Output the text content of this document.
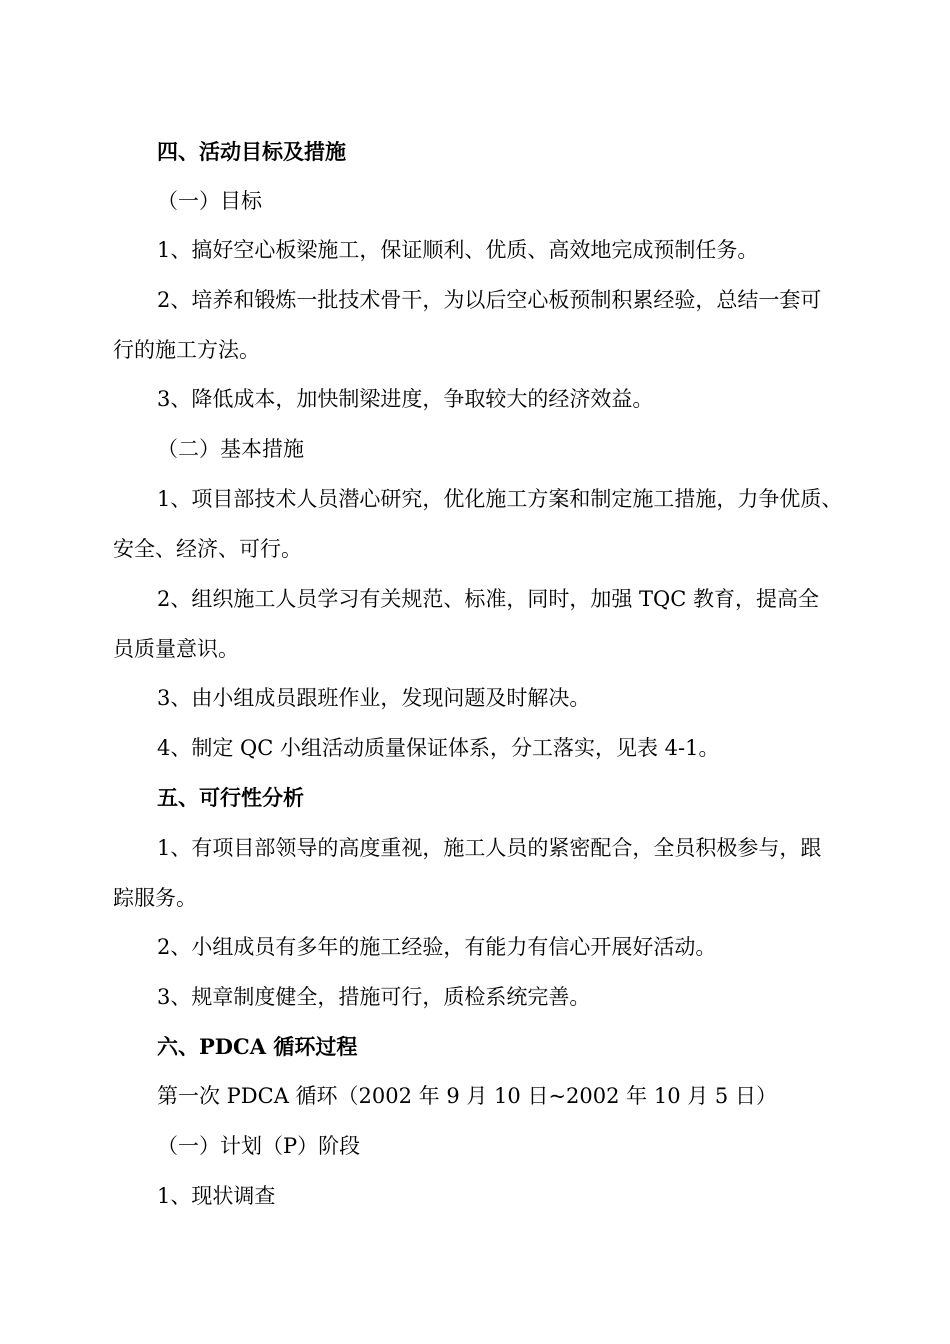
四、活动目标及措施
（一）目标
1、搞好空心板梁施工，保证顺利、优质、高效地完成预制任务。
2、培养和锻炼一批技术骨干，为以后空心板预制积累经验，总结一套可
行的施工方法。
3、降低成本，加快制梁进度，争取较大的经济效益。
（二）基本措施
1、项目部技术人员潜心研究，优化施工方案和制定施工措施，力争优质、
安全、经济、可行。
2、组织施工人员学习有关规范、标准，同时，加强 TQC 教育，提高全
员质量意识。
3、由小组成员跟班作业，发现问题及时解决。
4、制定 QC 小组活动质量保证体系，分工落实，见表 4-1。
五、可行性分析
1、有项目部领导的高度重视，施工人员的紧密配合，全员积极参与，跟
踪服务。
2、小组成员有多年的施工经验，有能力有信心开展好活动。
3、规章制度健全，措施可行，质检系统完善。
六、PDCA 循环过程
第一次 PDCA 循环（2002 年 9 月 10 日~2002 年 10 月 5 日）
（一）计划（P）阶段
1、现状调查
